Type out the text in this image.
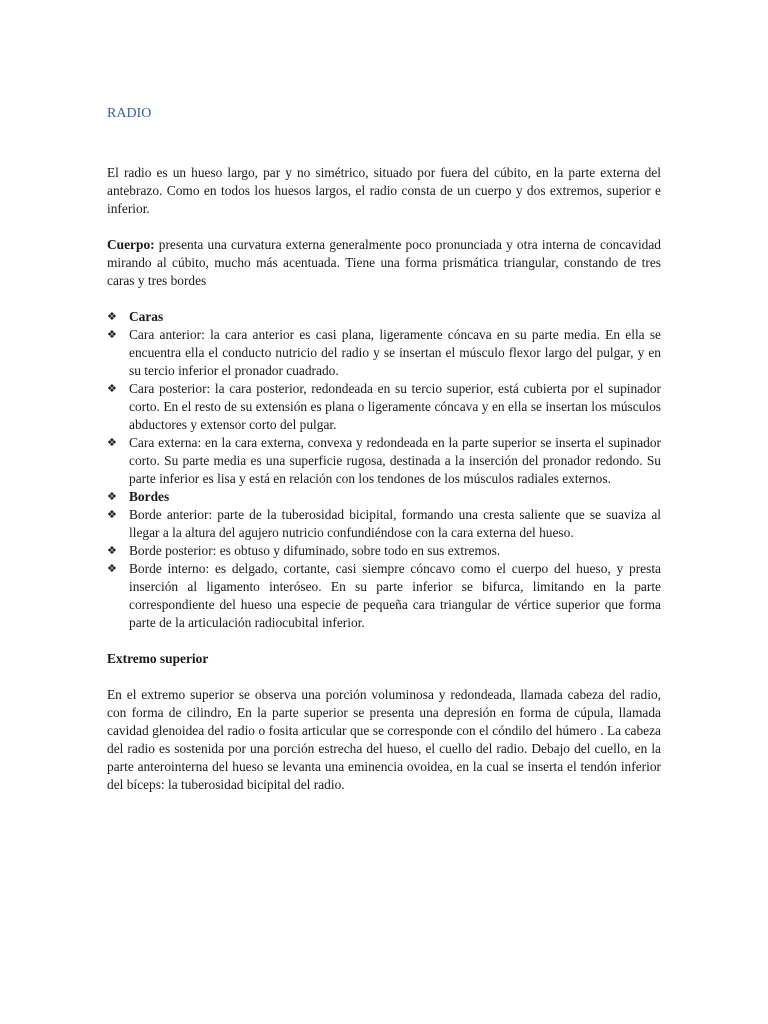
RADIO

El radio es un hueso largo, par y no simétrico, situado por fuera del cúbito, en la parte externa del antebrazo. Como en todos los huesos largos, el radio consta de un cuerpo y dos extremos, superior e inferior.

Cuerpo: presenta una curvatura externa generalmente poco pronunciada y otra interna de concavidad mirando al cúbito, mucho más acentuada. Tiene una forma prismática triangular, constando de tres caras y tres bordes

❖ Caras
❖ Cara anterior: la cara anterior es casi plana, ligeramente cóncava en su parte media. En ella se encuentra ella el conducto nutricio del radio y se insertan el músculo flexor largo del pulgar, y en su tercio inferior el pronador cuadrado.
❖ Cara posterior: la cara posterior, redondeada en su tercio superior, está cubierta por el supinador corto. En el resto de su extensión es plana o ligeramente cóncava y en ella se insertan los músculos abductores y extensor corto del pulgar.
❖ Cara externa: en la cara externa, convexa y redondeada en la parte superior se inserta el supinador corto. Su parte media es una superficie rugosa, destinada a la inserción del pronador redondo. Su parte inferior es lisa y está en relación con los tendones de los músculos radiales externos.
❖ Bordes
❖ Borde anterior: parte de la tuberosidad bicipital, formando una cresta saliente que se suaviza al llegar a la altura del agujero nutricio confundiéndose con la cara externa del hueso.
❖ Borde posterior: es obtuso y difuminado, sobre todo en sus extremos.
❖ Borde interno: es delgado, cortante, casi siempre cóncavo como el cuerpo del hueso, y presta inserción al ligamento interóseo. En su parte inferior se bifurca, limitando en la parte correspondiente del hueso una especie de pequeña cara triangular de vértice superior que forma parte de la articulación radiocubital inferior.
Extremo superior

En el extremo superior se observa una porción voluminosa y redondeada, llamada cabeza del radio, con forma de cilindro, En la parte superior se presenta una depresión en forma de cúpula, llamada cavidad glenoidea del radio o fosita articular que se corresponde con el cóndilo del húmero . La cabeza del radio es sostenida por una porción estrecha del hueso, el cuello del radio. Debajo del cuello, en la parte anterointerna del hueso se levanta una eminencia ovoidea, en la cual se inserta el tendón inferior del bíceps: la tuberosidad bicipital del radio.
